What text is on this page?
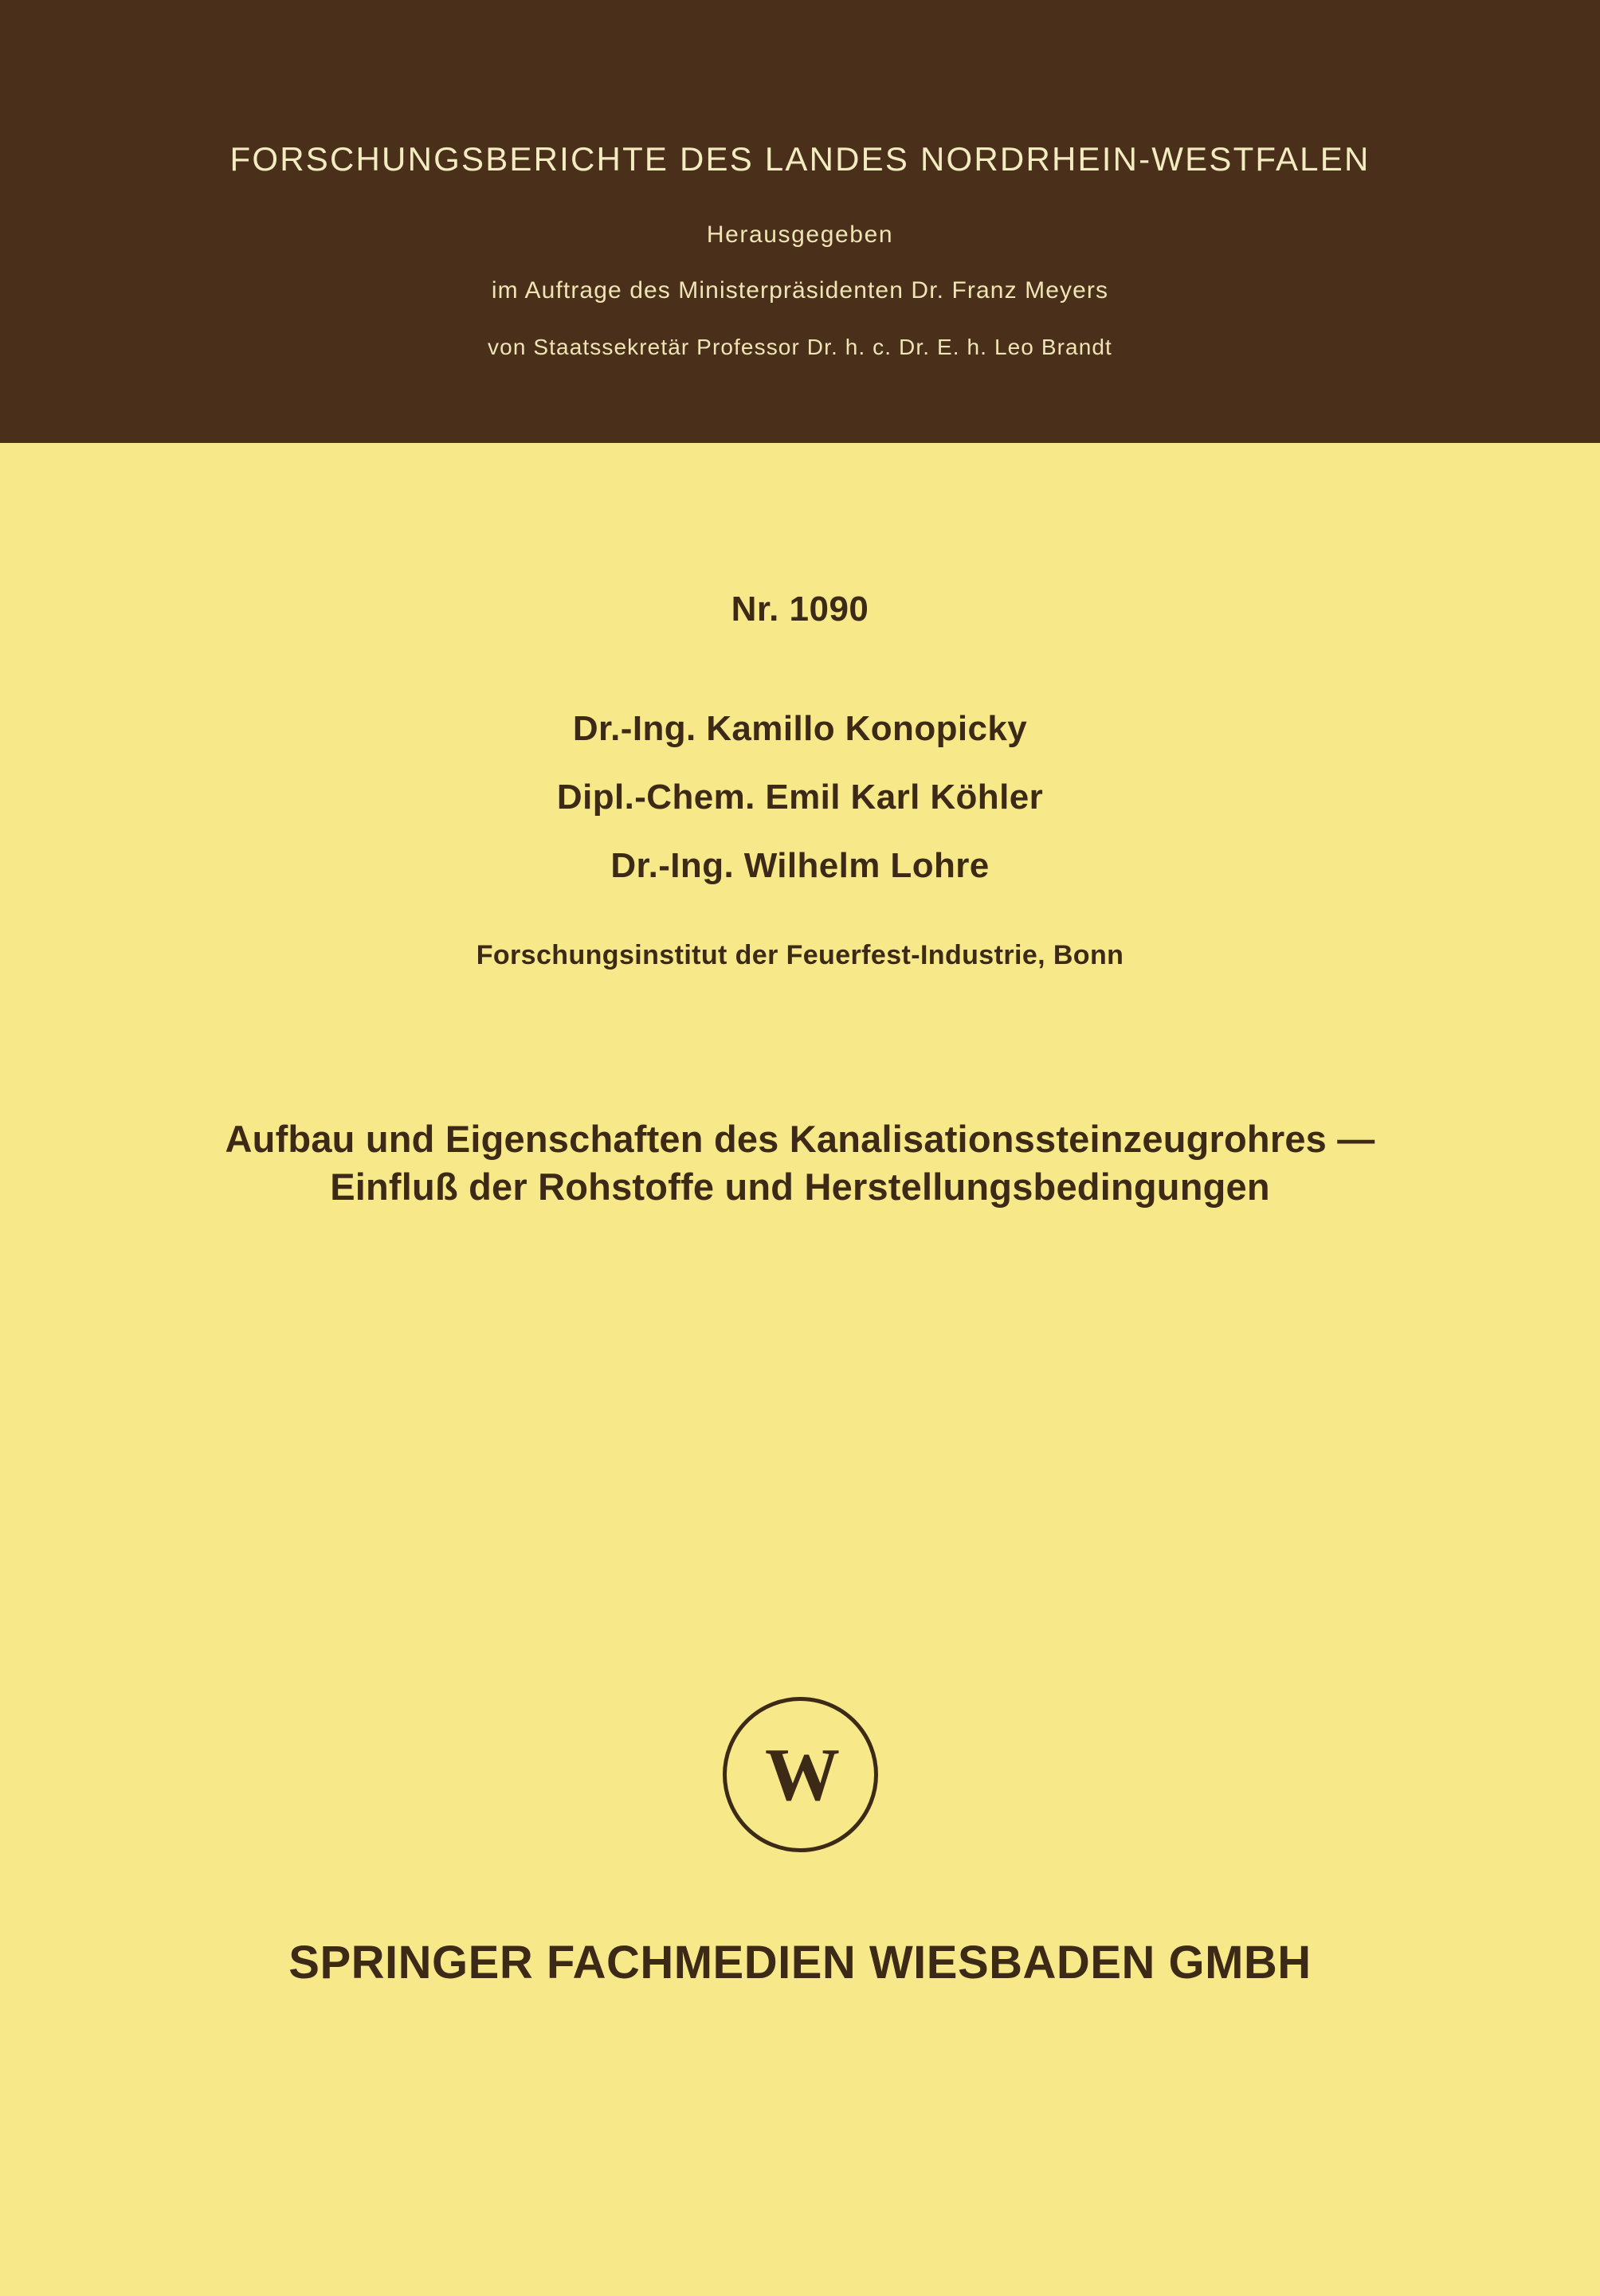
FORSCHUNGSBERICHTE DES LANDES NORDRHEIN-WESTFALEN
Herausgegeben
im Auftrage des Ministerpräsidenten Dr. Franz Meyers
von Staatssekretär Professor Dr. h. c. Dr. E. h. Leo Brandt
Nr. 1090
Dr.-Ing. Kamillo Konopicky
Dipl.-Chem. Emil Karl Köhler
Dr.-Ing. Wilhelm Lohre
Forschungsinstitut der Feuerfest-Industrie, Bonn
Aufbau und Eigenschaften des Kanalisationssteinzeugrohres —
Einfluß der Rohstoffe und Herstellungsbedingungen
W
SPRINGER FACHMEDIEN WIESBADEN GMBH
